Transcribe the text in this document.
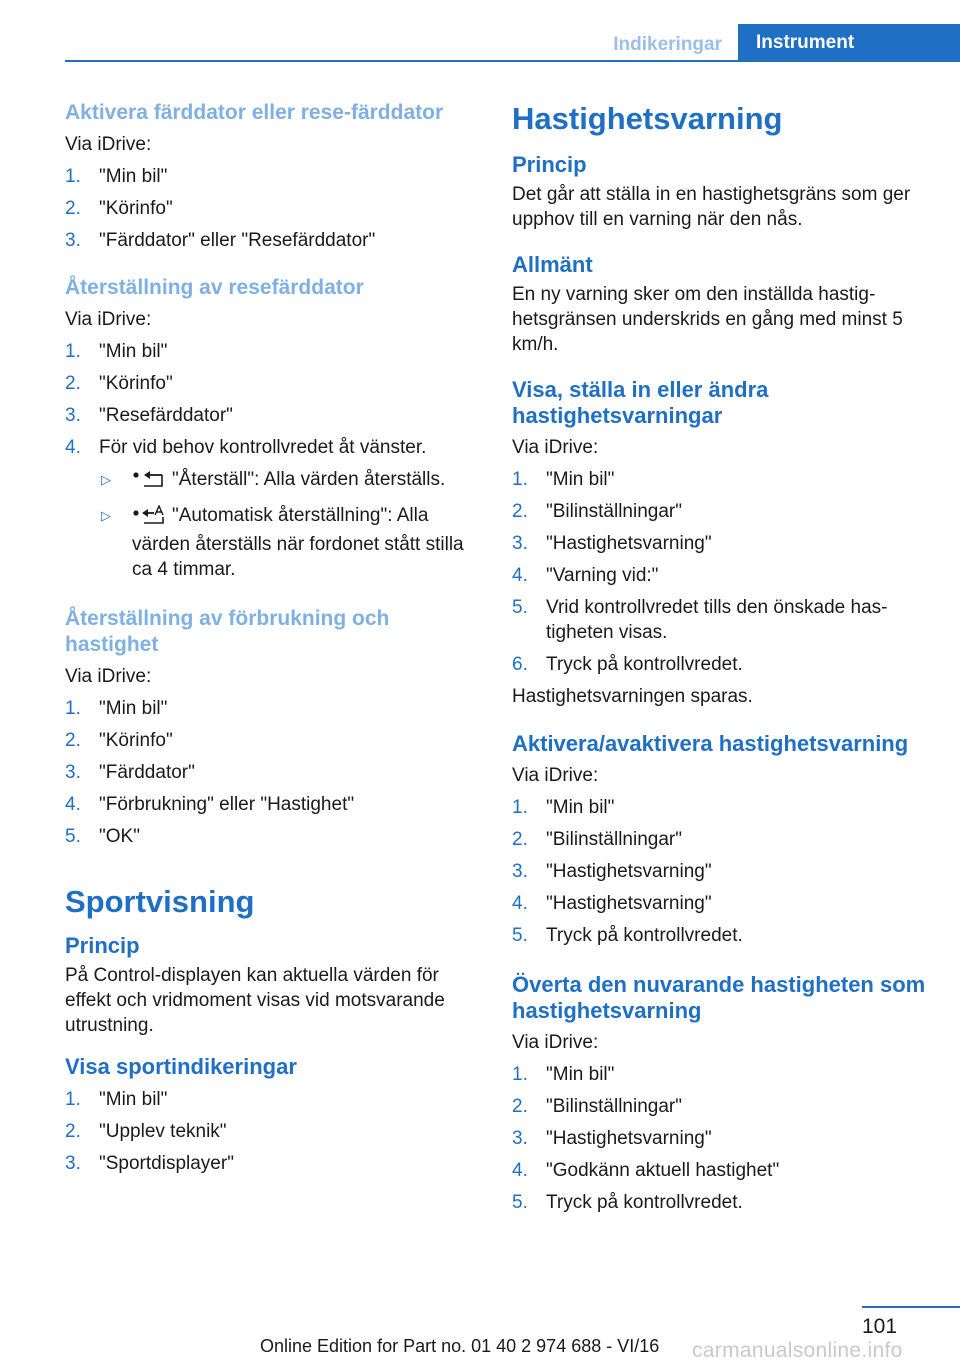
Indikeringar	Instrument
Aktivera färddator eller rese-färddator

Via iDrive:

1. "Min bil"
2. "Körinfo"
3. "Färddator" eller "Resefärddator"
Återställning av resefärddator

Via iDrive:

1. "Min bil"
2. "Körinfo"
3. "Resefärddator"
4. För vid behov kontrollvredet åt vänster.
▷	"Återställ": Alla värden återställs.
▷	"Automatisk återställning": Alla värden återställs när fordonet stått stilla ca 4 timmar.
Återställning av förbrukning och hastighet

Via iDrive:

1. "Min bil"
2. "Körinfo"
3. "Färddator"
4. "Förbrukning" eller "Hastighet"
5. "OK"
Sportvisning
Princip

På Control-displayen kan aktuella värden för effekt och vridmoment visas vid motsvarande utrustning.

Visa sportindikeringar
1. "Min bil"
2. "Upplev teknik"
3. "Sportdisplayer"
Hastighetsvarning
Princip

Det går att ställa in en hastighetsgräns som ger upphov till en varning när den nås.

Allmänt

En ny varning sker om den inställda hastig-hetsgränsen underskrids en gång med minst 5 km/h.

Visa, ställa in eller ändra hastighetsvarningar

Via iDrive:

1. "Min bil"
2. "Bilinställningar"
3. "Hastighetsvarning"
4. "Varning vid:"
5. Vrid kontrollvredet tills den önskade has-tigheten visas.
6. Tryck på kontrollvredet.

Hastighetsvarningen sparas.

Aktivera/avaktivera hastighetsvarning

Via iDrive:

1. "Min bil"
2. "Bilinställningar"
3. "Hastighetsvarning"
4. "Hastighetsvarning"
5. Tryck på kontrollvredet.
Överta den nuvarande hastigheten som hastighetsvarning

Via iDrive:

1. "Min bil"
2. "Bilinställningar"
3. "Hastighetsvarning"
4. "Godkänn aktuell hastighet"
5. Tryck på kontrollvredet.
101
Online Edition for Part no. 01 40 2 974 688 - VI/16 carmanualsonline.info
